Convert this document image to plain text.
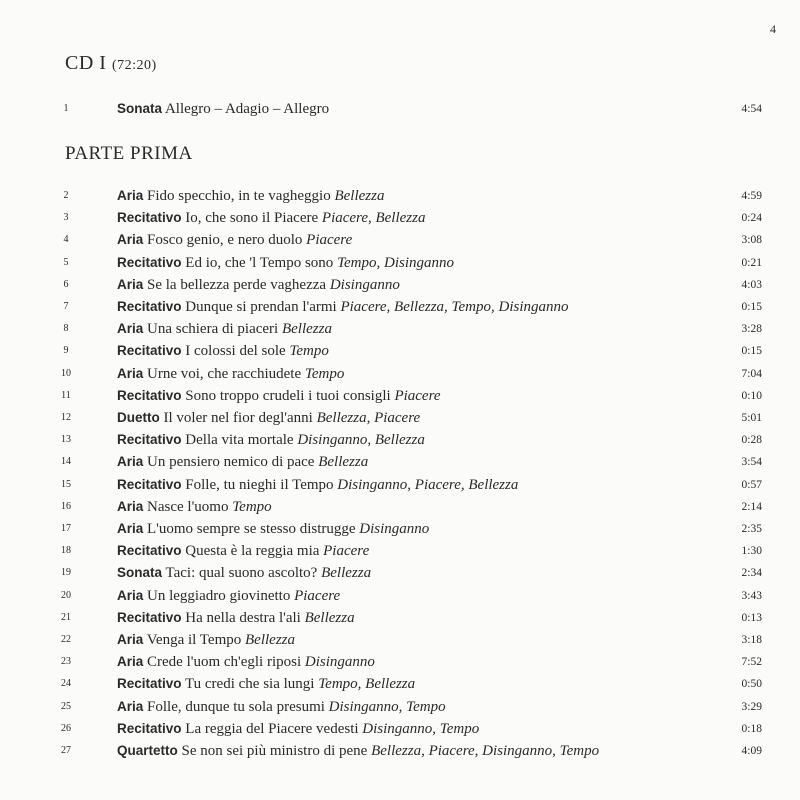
4
CD I (72:20)
1	Sonata Allegro – Adagio – Allegro	4:54
PARTE PRIMA
2	Aria Fido specchio, in te vagheggio Bellezza	4:59
3	Recitativo Io, che sono il Piacere Piacere, Bellezza	0:24
4	Aria Fosco genio, e nero duolo Piacere	3:08
5	Recitativo Ed io, che 'l Tempo sono Tempo, Disinganno	0:21
6	Aria Se la bellezza perde vaghezza Disinganno	4:03
7	Recitativo Dunque si prendan l'armi Piacere, Bellezza, Tempo, Disinganno	0:15
8	Aria Una schiera di piaceri Bellezza	3:28
9	Recitativo I colossi del sole Tempo	0:15
10	Aria Urne voi, che racchiudete Tempo	7:04
11	Recitativo Sono troppo crudeli i tuoi consigli Piacere	0:10
12	Duetto Il voler nel fior degl'anni Bellezza, Piacere	5:01
13	Recitativo Della vita mortale Disinganno, Bellezza	0:28
14	Aria Un pensiero nemico di pace Bellezza	3:54
15	Recitativo Folle, tu nieghi il Tempo Disinganno, Piacere, Bellezza	0:57
16	Aria Nasce l'uomo Tempo	2:14
17	Aria L'uomo sempre se stesso distrugge Disinganno	2:35
18	Recitativo Questa è la reggia mia Piacere	1:30
19	Sonata Taci: qual suono ascolto? Bellezza	2:34
20	Aria Un leggiadro giovinetto Piacere	3:43
21	Recitativo Ha nella destra l'ali Bellezza	0:13
22	Aria Venga il Tempo Bellezza	3:18
23	Aria Crede l'uom ch'egli riposi Disinganno	7:52
24	Recitativo Tu credi che sia lungi Tempo, Bellezza	0:50
25	Aria Folle, dunque tu sola presumi Disinganno, Tempo	3:29
26	Recitativo La reggia del Piacere vedesti Disinganno, Tempo	0:18
27	Quartetto Se non sei più ministro di pene Bellezza, Piacere, Disinganno, Tempo	4:09
